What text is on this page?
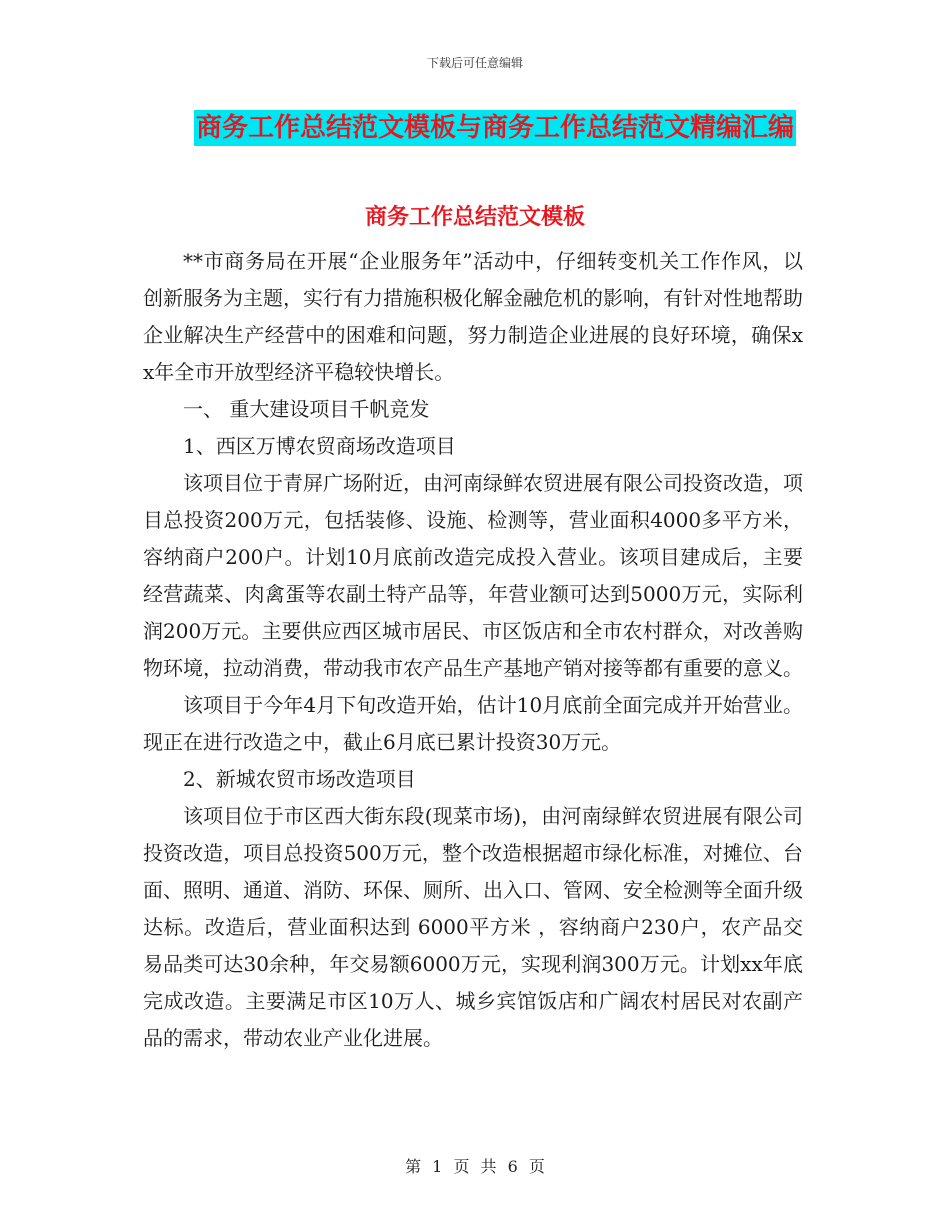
下载后可任意编辑
商务工作总结范文模板与商务工作总结范文精编汇编
商务工作总结范文模板

**市商务局在开展“企业服务年”活动中，仔细转变机关工作作风，以创新服务为主题，实行有力措施积极化解金融危机的影响，有针对性地帮助企业解决生产经营中的困难和问题，努力制造企业进展的良好环境，确保xx年全市开放型经济平稳较快增长。

一、 重大建设项目千帆竞发

1、西区万博农贸商场改造项目

该项目位于青屏广场附近，由河南绿鲜农贸进展有限公司投资改造，项目总投资200万元，包括装修、设施、检测等，营业面积4000多平方米，容纳商户200户。计划10月底前改造完成投入营业。该项目建成后，主要经营蔬菜、肉禽蛋等农副土特产品等，年营业额可达到5000万元，实际利润200万元。主要供应西区城市居民、市区饭店和全市农村群众，对改善购物环境，拉动消费，带动我市农产品生产基地产销对接等都有重要的意义。

该项目于今年4月下旬改造开始，估计10月底前全面完成并开始营业。现正在进行改造之中，截止6月底已累计投资30万元。

2、新城农贸市场改造项目

该项目位于市区西大街东段(现菜市场)，由河南绿鲜农贸进展有限公司投资改造，项目总投资500万元，整个改造根据超市绿化标准，对摊位、台面、照明、通道、消防、环保、厕所、出入口、管网、安全检测等全面升级达标。改造后，营业面积达到 6000平方米 ，容纳商户230户，农产品交易品类可达30余种，年交易额6000万元，实现利润300万元。计划xx年底完成改造。主要满足市区10万人、城乡宾馆饭店和广阔农村居民对农副产品的需求，带动农业产业化进展。

第 1 页 共 6 页
